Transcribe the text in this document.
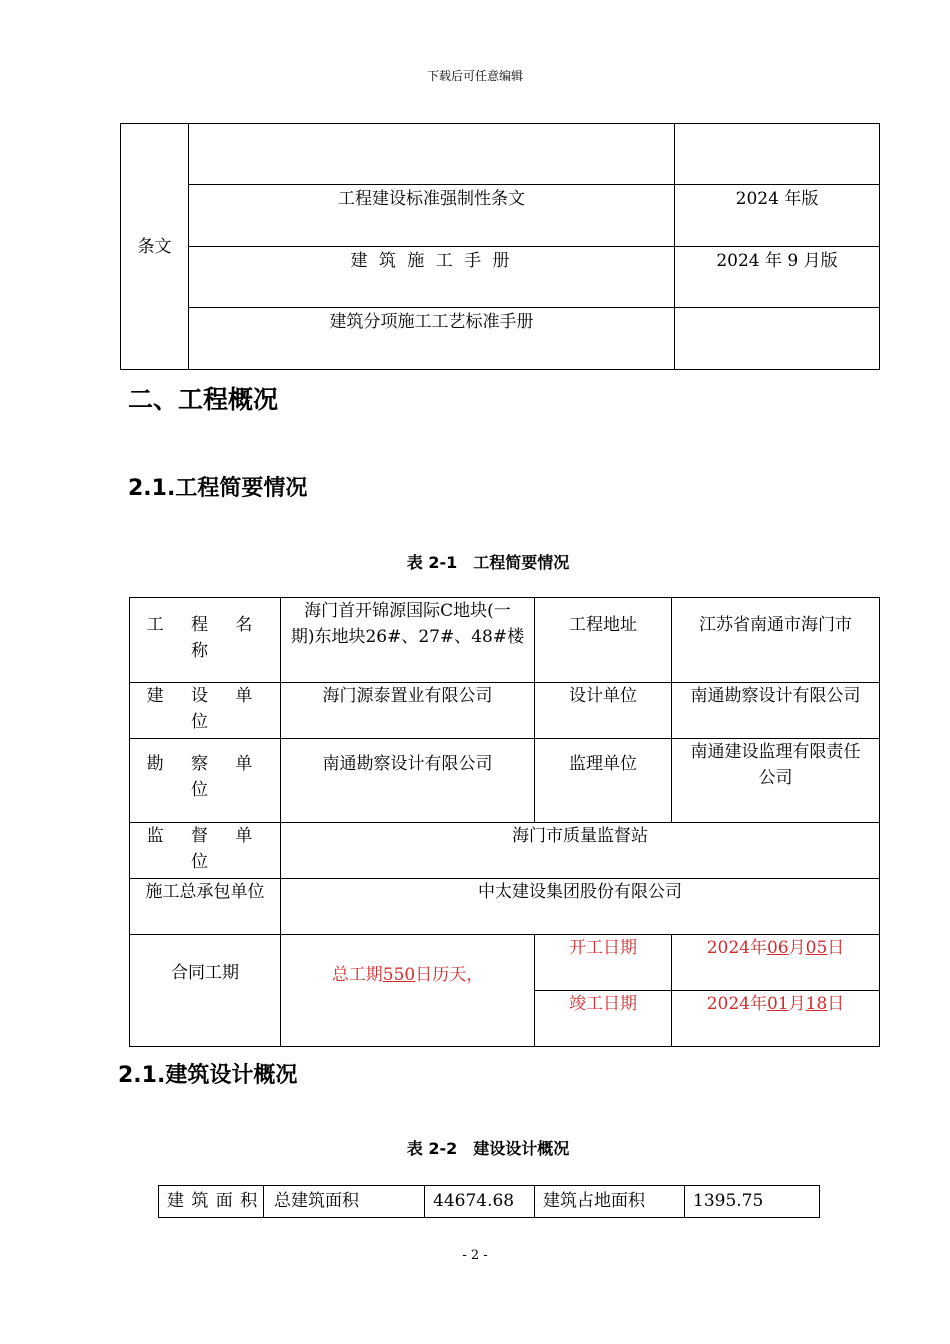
下载后可任意编辑
条文		
	工程建设标准强制性条文	2024 年版
	建 筑 施 工 手 册	2024 年 9 月版
	建筑分项施工工艺标准手册	
二、工程概况
2.1.工程简要情况
表 2-1　工程简要情况
工 程 名 称	海门首开锦源国际C地块(一
期)东地块26#、27#、48#楼	工程地址	江苏省南通市海门市
建 设 单 位	海门源泰置业有限公司	设计单位	南通勘察设计有限公司
勘 察 单 位	南通勘察设计有限公司	监理单位	南通建设监理有限责任
公司

监 督 单 位	海门市质量监督站		
施工总承包单位	中太建设集团股份有限公司		
合同工期	总工期550日历天，	开工日期	2024年06月05日
		竣工日期	2024年01月18日
2.1.建筑设计概况
表 2-2　建设设计概况
建 筑 面 积	总建筑面积	44674.68	建筑占地面积	1395.75
- 2 -
